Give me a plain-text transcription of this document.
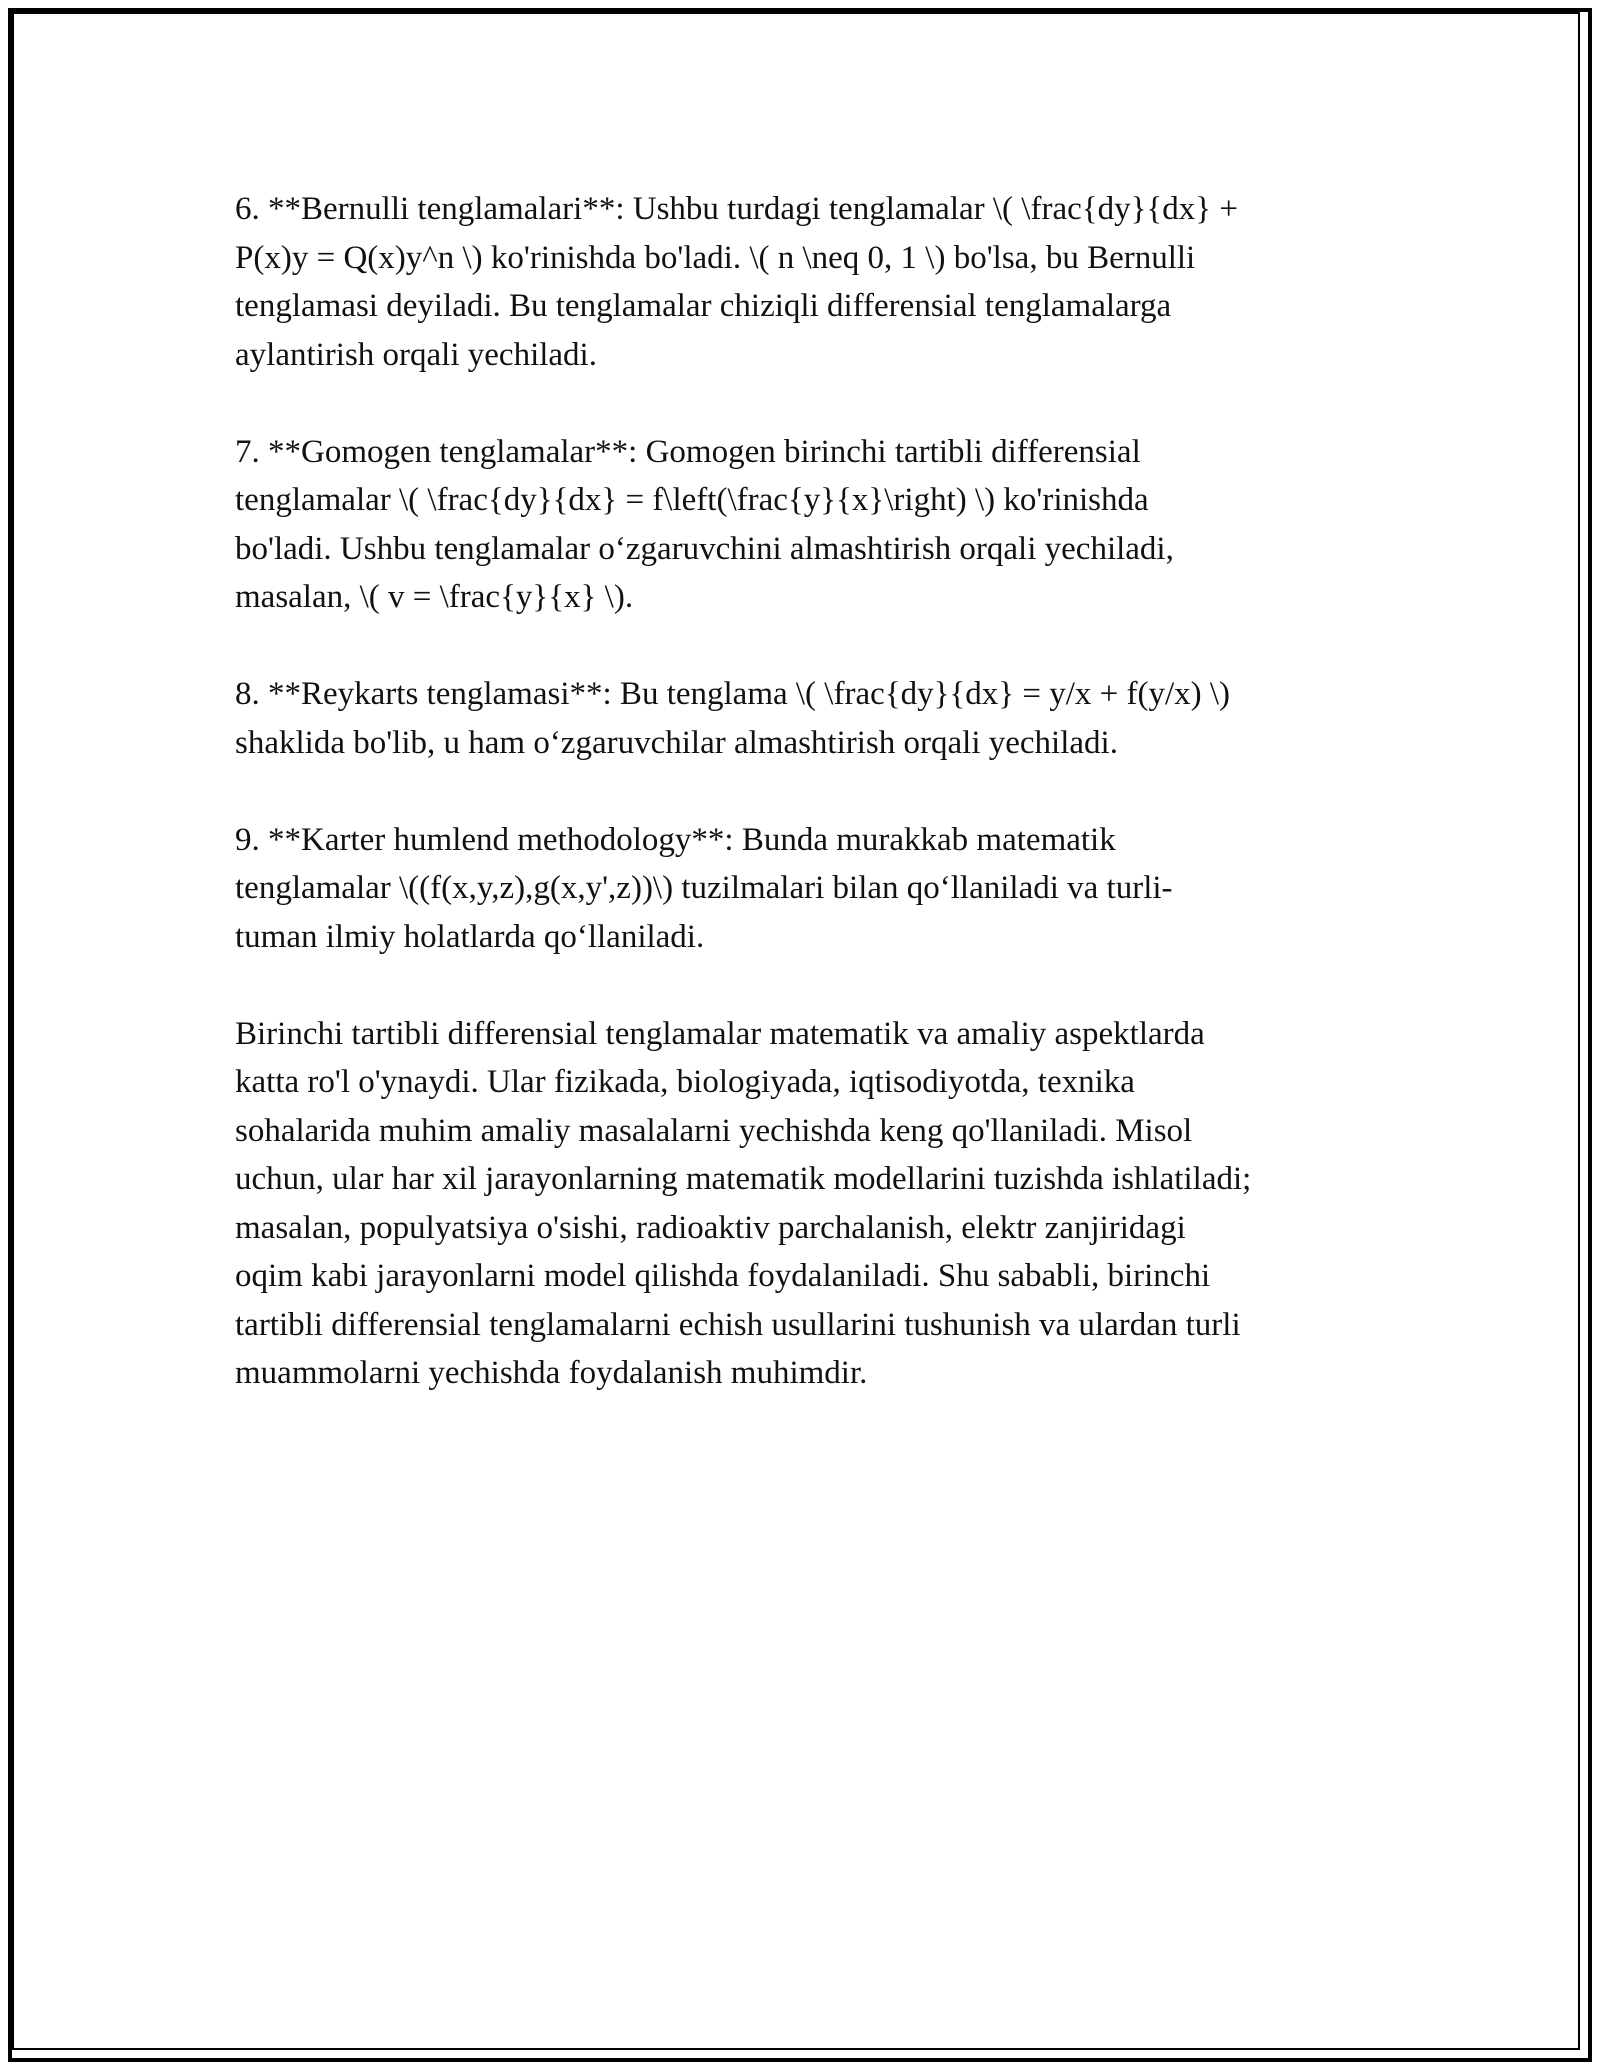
6. **Bernulli tenglamalari**: Ushbu turdagi tenglamalar \( \frac{dy}{dx} +
P(x)y = Q(x)y^n \) ko'rinishda bo'ladi. \( n \neq 0, 1 \) bo'lsa, bu Bernulli
tenglamasi deyiladi. Bu tenglamalar chiziqli differensial tenglamalarga
aylantirish orqali yechiladi.

7. **Gomogen tenglamalar**: Gomogen birinchi tartibli differensial
tenglamalar \( \frac{dy}{dx} = f\left(\frac{y}{x}\right) \) ko'rinishda
bo'ladi. Ushbu tenglamalar oʻzgaruvchini almashtirish orqali yechiladi,
masalan, \( v = \frac{y}{x} \).

8. **Reykarts tenglamasi**: Bu tenglama \( \frac{dy}{dx} = y/x + f(y/x) \)
shaklida bo'lib, u ham oʻzgaruvchilar almashtirish orqali yechiladi.

9. **Karter humlend methodology**: Bunda murakkab matematik
tenglamalar \((f(x,y,z),g(x,y',z))\) tuzilmalari bilan qoʻllaniladi va turli-
tuman ilmiy holatlarda qoʻllaniladi.

Birinchi tartibli differensial tenglamalar matematik va amaliy aspektlarda
katta ro'l o'ynaydi. Ular fizikada, biologiyada, iqtisodiyotda, texnika
sohalarida muhim amaliy masalalarni yechishda keng qo'llaniladi. Misol
uchun, ular har xil jarayonlarning matematik modellarini tuzishda ishlatiladi;
masalan, populyatsiya o'sishi, radioaktiv parchalanish, elektr zanjiridagi
oqim kabi jarayonlarni model qilishda foydalaniladi. Shu sababli, birinchi
tartibli differensial tenglamalarni echish usullarini tushunish va ulardan turli
muammolarni yechishda foydalanish muhimdir.
